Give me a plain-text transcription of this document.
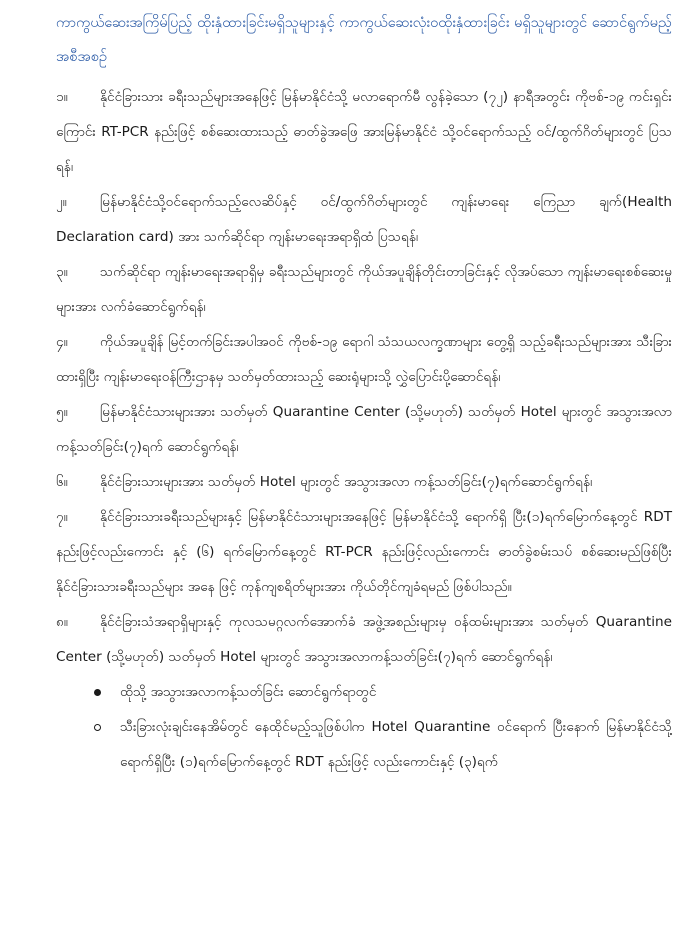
ကာကွယ်ဆေးအကြိမ်ပြည့် ထိုးနှံထားခြင်းမရှိသူများနှင့် ကာကွယ်ဆေးလုံးဝထိုးနှံထားခြင်း မရှိသူများတွင် ဆောင်ရွက်မည့်အစီအစဉ်

၁။	နိုင်ငံခြားသား ခရီးသည်များအနေဖြင့် မြန်မာနိုင်ငံသို့ မလာရောက်မီ လွန်ခဲ့သော (၇၂) နာရီအတွင်း ကိုဗစ်-၁၉ ကင်းရှင်းကြောင်း RT-PCR နည်းဖြင့် စစ်ဆေးထားသည့် ဓာတ်ခွဲအဖြေ အားမြန်မာနိုင်ငံ သို့ဝင်ရောက်သည့် ဝင်/ထွက်ဂိတ်များတွင် ပြသရန်၊

၂။	မြန်မာနိုင်ငံသို့ဝင်ရောက်သည့်လေဆိပ်နှင့် ဝင်/ထွက်ဂိတ်များတွင် ကျန်းမာရေး ကြေညာ ချက်(Health Declaration card) အား သက်ဆိုင်ရာ ကျန်းမာရေးအရာရှိထံ ပြသရန်၊

၃။	သက်ဆိုင်ရာ ကျန်းမာရေးအရာရှိမှ ခရီးသည်များတွင် ကိုယ်အပူချိန်တိုင်းတာခြင်းနှင့် လိုအပ်သော ကျန်းမာရေးစစ်ဆေးမှုများအား လက်ခံဆောင်ရွက်ရန်၊

၄။	ကိုယ်အပူချိန် မြင့်တက်ခြင်းအပါအဝင် ကိုဗစ်-၁၉ ရောဂါ သံသယလက္ခဏာများ တွေ့ရှိ သည့်ခရီးသည်များအား သီးခြားထားရှိပြီး ကျန်းမာရေးဝန်ကြီးဌာနမှ သတ်မှတ်ထားသည့် ဆေးရုံများသို့ လွှဲပြောင်းပို့ဆောင်ရန်၊

၅။	မြန်မာနိုင်ငံသားများအား သတ်မှတ် Quarantine Center (သို့မဟုတ်) သတ်မှတ် Hotel များတွင် အသွားအလာကန့်သတ်ခြင်း(၇)ရက် ဆောင်ရွက်ရန်၊

၆။	နိုင်ငံခြားသားများအား သတ်မှတ် Hotel များတွင် အသွားအလာ ကန့်သတ်ခြင်း(၇)ရက်ဆောင်ရွက်ရန်၊

၇။	နိုင်ငံခြားသားခရီးသည်များနှင့် မြန်မာနိုင်ငံသားများအနေဖြင့် မြန်မာနိုင်ငံသို့ ရောက်ရှိ ပြီး(၁)ရက်မြောက်နေ့တွင် RDT နည်းဖြင့်လည်းကောင်း နှင့် (၆) ရက်မြောက်နေ့တွင် RT-PCR နည်းဖြင့်လည်းကောင်း ဓာတ်ခွဲစမ်းသပ် စစ်ဆေးမည်ဖြစ်ပြီး နိုင်ငံခြားသားခရီးသည်များ အနေ ဖြင့် ကုန်ကျစရိတ်များအား ကိုယ်တိုင်ကျခံရမည် ဖြစ်ပါသည်။

၈။	နိုင်ငံခြားသံအရာရှိများနှင့် ကုလသမဂ္ဂလက်အောက်ခံ အဖွဲ့အစည်းများမှ ဝန်ထမ်းများအား သတ်မှတ် Quarantine Center (သို့မဟုတ်) သတ်မှတ် Hotel များတွင် အသွားအလာကန့်သတ်ခြင်း(၇)ရက် ဆောင်ရွက်ရန်၊

ထိုသို့ အသွားအလာကန့်သတ်ခြင်း ဆောင်ရွက်ရာတွင်
သီးခြားလုံးချင်းနေအိမ်တွင် နေထိုင်မည့်သူဖြစ်ပါက Hotel Quarantine ဝင်ရောက် ပြီးနောက် မြန်မာနိုင်ငံသို့ရောက်ရှိပြီး (၁)ရက်မြောက်နေ့တွင် RDT နည်းဖြင့် လည်းကောင်းနှင့် (၃)ရက်
